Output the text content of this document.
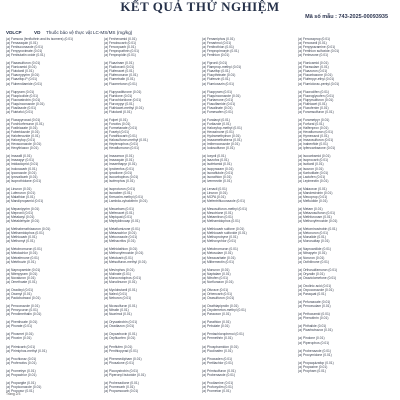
KẾT QUẢ THỬ NGHIỆM
Mã số mẫu : 743-2025-00093935
VDLCP	VD Thuốc bảo vệ thực vật LC-MS/MS (mg/kg)
(a) Famoxa (fenfluthrin and its isomers) (0.01)
(a) Fenazaquin (0.01)
(a) Fenbuconazole (0.01)
(a) Fenpyroximate (0.01)
(a) Fenbutatin oxide (0.01)

(a) Flazasulfuron (0.01)
(a) Flonicamid (0.01)
(a) Flutolanil (0.01)
(a) Fluacrypyrim (0.01)
(a) Fluazifop-P (0.01)
(a) Flubendiamide (0.01)

(a) Flupyram (0.01)
(a) Fluopicolide (0.01)
(a) Fluoxastrobin (0.01)
(a) Fluquinconazole (0.01)
(a) Flusilazole (0.01)
(a) Flutriafol (0.01)

(a) Fluxapyroxad (0.01)
(a) Forchlorfenuron (0.01)
(a) Fosthiazate (0.01)
(a) Fuberidazole (0.01)
(a) Halofenozide (0.01)
(a) Haloxyfop (0.01)
(a) Hexaconazole (0.01)
(a) Hexythiazox (0.01)

(a) Imazalil (0.01)
(a) Imazapyr (0.01)
(a) Imidacloprid (0.01)
(a) Indoxacarb (0.01)
(a) Ipconazole (0.01)
(a) Iprovalicarb (0.01)
(a) Isoprothiolane (0.01)

(a) Linuron (0.01)
(a) Lufenuron (0.01)
(a) Malathion (0.01)
(a) Mandipropamid (0.01)

(a) Mepanipyrim (0.01)
(a) Mepronil (0.01)
(a) Metalaxyl (0.01)
(a) Metaldehyde (0.01)

(a) Methabenzthiazuron (0.01)
(a) Methamidophos (0.01)
(a) Methiocarb (0.01)
(a) Methomyl (0.01)

(a) Metobromuron (0.01)
(a) Metolachlor (0.01)
(a) Metrafenone (0.01)
(a) Metribuzin (0.01)

(a) Napropamide (0.01)
(a) Nitenpyram (0.01)
(a) Novaluron (0.01)
(a) Omethoate (0.01)

(a) Oxadixyl (0.01)
(a) Oxamyl (0.01)
(a) Paclobutrazol (0.01)

(a) Penconazole (0.01)
(a) Pencycuron (0.01)
(a) Pendimethalin (0.01)

(a) Phenthoate (0.01)
(a) Phorate (0.01)

(a) Phosmet (0.01)
(a) Phoxim (0.01)

(a) Pirimicarb (0.01)
(a) Pirimiphos-methyl (0.01)

(a) Prochloraz (0.01)
(a) Profenofos (0.01)

(a) Prometryn (0.01)
(a) Propachlor (0.01)

(a) Propargite (0.01)
(a) Propiconazole (0.01)
(a) Propoxur (0.01)
(a) Fenhexamid (0.01)
(a) Fenobucarb (0.01)
(a) Fenoxycarb (0.01)
(a) Fenpropathrin (0.01)
(a) Fenpropidin (0.01)

(a) Fluazinam (0.01)
(a) Fludioxonil (0.01)
(a) Flufenacet (0.01)
(a) Flufenoxuron (0.01)
(a) Flumetralin (0.01)
(a) Fluometuron (0.01)

(a) Flupyradifurone (0.01)
(a) Fluridone (0.01)
(a) Flurochloridone (0.01)
(a) Fluroxypyr (0.01)
(a) Fluthiacet-methyl (0.01)
(a) Flutolanil (0.01)

(a) Folpet (0.01)
(a) Fonofos (0.01)
(a) Formetanate (0.01)
(a) Fosetyl (0.01)
(a) Furathiocarb (0.01)
(a) Halosulfuron-methyl (0.01)
(a) Heptenophos (0.01)
(a) Hexaflumuron (0.01)

(a) Imazamox (0.01)
(a) Imazaquin (0.01)
(a) Imazethapyr (0.01)
(a) Iprobenfos (0.01)
(a) Iprodione (0.01)
(a) Isocarbophos (0.01)
(a) Isofenphos (0.01)

(a) Isoproturon (0.01)
(a) Isoxaben (0.01)
(a) Kresoxim-methyl (0.01)
(a) Lambda-cyhalothrin (0.01)

(a) Mecarbam (0.01)
(a) Mefenacet (0.01)
(a) Mepiquat (0.01)
(a) Meptyldinocap (0.01)

(a) Metaflumizone (0.01)
(a) Metazachlor (0.01)
(a) Metconazole (0.01)
(a) Methacrifos (0.01)

(a) Methidathion (0.01)
(a) Methoxyfenozide (0.01)
(a) Metolcarb (0.01)
(a) Metsulfuron-methyl (0.01)

(a) Mevinphos (0.01)
(a) Molinate (0.01)
(a) Monocrotophos (0.01)
(a) Monolinuron (0.01)

(a) Myclobutanil (0.01)
(a) Naled (0.01)
(a) Neburon (0.01)

(a) Nicosulfuron (0.01)
(a) Nitralin (0.01)
(a) Nuarimol (0.01)

(a) Orysastrobin (0.01)
(a) Oxadiazon (0.01)

(a) Oxycarboxin (0.01)
(a) Oxyfluorfen (0.01)

(a) Penflufen (0.01)
(a) Penthiopyrad (0.01)

(a) Phenmedipham (0.01)
(a) Phosalone (0.01)

(a) Picoxystrobin (0.01)
(a) Piperonyl butoxide (0.01)

(a) Prohexadione (0.01)
(a) Promecarb (0.01)
(a) Propamocarb (0.01)
(a) Fenamiphos (0.01)
(a) Fenarimol (0.01)
(a) Fenitrothion (0.01)
(a) Fenpropimorph (0.01)
(a) Fenthion (0.01)

(a) Fipronil (0.01)
(a) Flamprop-methyl (0.01)
(a) Fluazifop (0.01)
(a) Flucythrinate (0.01)
(a) Flufenzin (0.01)
(a) Flumioxazin (0.01)

(a) Fluopyram (0.01)
(a) Fluquinconazole (0.01)
(a) Flurtamone (0.01)
(a) Flusulfamide (0.01)
(a) Fluvalinate (0.01)
(a) Fomesafen (0.01)

(a) Furalaxyl (0.01)
(a) Furilazole (0.01)
(a) Haloxyfop-methyl (0.01)
(a) Hexazinone (0.01)
(a) Hydramethylnon (0.01)
(a) Imazamethabenz (0.01)
(a) Imibenconazole (0.01)
(a) Iodosulfuron (0.01)

(a) Ioxynil (0.01)
(a) Isazofos (0.01)
(a) Isofetamid (0.01)
(a) Isopyrazam (0.01)
(a) Isoxaflutole (0.01)
(a) Isoxathion (0.01)
(a) Ivermectin (0.01)

(a) Lenacil (0.01)
(a) Linuron (0.01)
(a) MCPA (0.01)
(a) Mefentrifluconazole (0.01)

(a) Mesosulfuron-methyl (0.01)
(a) Mesotrione (0.01)
(a) Metamitron (0.01)
(a) Methamidophos (0.01)

(a) Methiocarb sulfone (0.01)
(a) Methiocarb sulfoxide (0.01)
(a) Methoprotryne (0.01)
(a) Methoxychlor (0.01)

(a) Metobromuron (0.01)
(a) Metosulam (0.01)
(a) Mexacarbate (0.01)
(a) Milbemectin (0.01)

(a) Monuron (0.01)
(a) Naptalam (0.01)
(a) Nitrofen (0.01)
(a) Norflurazon (0.01)

(a) Ofurace (0.01)
(a) Orbencarb (0.01)
(a) Oxasulfuron (0.01)

(a) Oxathiapiprolin (0.01)
(a) Oxydemeton-methyl (0.01)
(a) Paraoxon (0.01)

(a) Parathion (0.01)
(a) Pebulate (0.01)

(a) Pentachlorophenol (0.01)
(a) Permethrin (0.01)

(a) Phosphamidon (0.01)
(a) Picolinafen (0.01)

(a) Pinoxaden (0.01)
(a) Pretilachlor (0.01)

(a) Primisulfuron (0.01)
(a) Probenazole (0.01)

(a) Prodiamine (0.01)
(a) Profoxydim (0.01)
(a) Prometon (0.01)
(a) Fenoxaprop (0.01)
(a) Fenoxanil (0.01)
(a) Fenpyrazamine (0.01)
(a) Fenthion sulfoxide (0.01)
(a) Ferimzone (0.01)

(a) Flonicamid (0.01)
(a) Florasulam (0.01)
(a) Fluazuron (0.01)
(a) Flucarbazone (0.01)
(a) Flufenpyr-ethyl (0.01)
(a) Flumiclorac-pentyl (0.01)

(a) Fluorodifen (0.01)
(a) Fluoroglycofen (0.01)
(a) Flupyrsulfuron (0.01)
(a) Fluthiacet (0.01)
(a) Fluxofenim (0.01)
(a) Foramsulfuron (0.01)

(a) Furametpyr (0.01)
(a) Furfural (0.01)
(a) Halfenprox (0.01)
(a) Hexaflumuron (0.01)
(a) Hymexazol (0.01)
(a) Imazosulfuron (0.01)
(a) Inabenfide (0.01)
(a) Ipfencarbazone (0.01)

(a) Isocarbamid (0.01)
(a) Isoprocarb (0.01)
(a) Isotianil (0.01)
(a) Isouron (0.01)
(a) Karbutilate (0.01)
(a) Lactofen (0.01)
(a) Lepimectin (0.01)

(a) Malaoxon (0.01)
(a) Mandestrobin (0.01)
(a) Mecoprop (0.01)
(a) Mefluidide (0.01)

(a) Metam (0.01)
(a) Metazosulfuron (0.01)
(a) Methfuroxam (0.01)
(a) Methoxyfenozide (0.01)

(a) Metominostrobin (0.01)
(a) Metoxuron (0.01)
(a) Monalide (0.01)
(a) Monosultap (0.01)

(a) Naproanilide (0.01)
(a) Nitrapyrin (0.01)
(a) Noruron (0.01)
(a) Octhilinone (0.01)

(a) Orthosulfamuron (0.01)
(a) Oryzalin (0.01)
(a) Oxaziclomefone (0.01)

(a) Oxolinic acid (0.01)
(a) Oxpoconazole (0.01)
(a) Paraquat (0.01)

(a) Pefurazoate (0.01)
(a) Penoxsulam (0.01)

(a) Pethoxamid (0.01)
(a) Phenothrin (0.01)

(a) Phthalide (0.01)
(a) Picarbutrazox (0.01)

(a) Pindone (0.01)
(a) Piperophos (0.01)

(a) Probenazole (0.01)
(a) Procymidone (0.01)

(a) Propaquizafop (0.01)
(a) Propazine (0.01)
(a) Propham (0.01)
Trang 2/3
